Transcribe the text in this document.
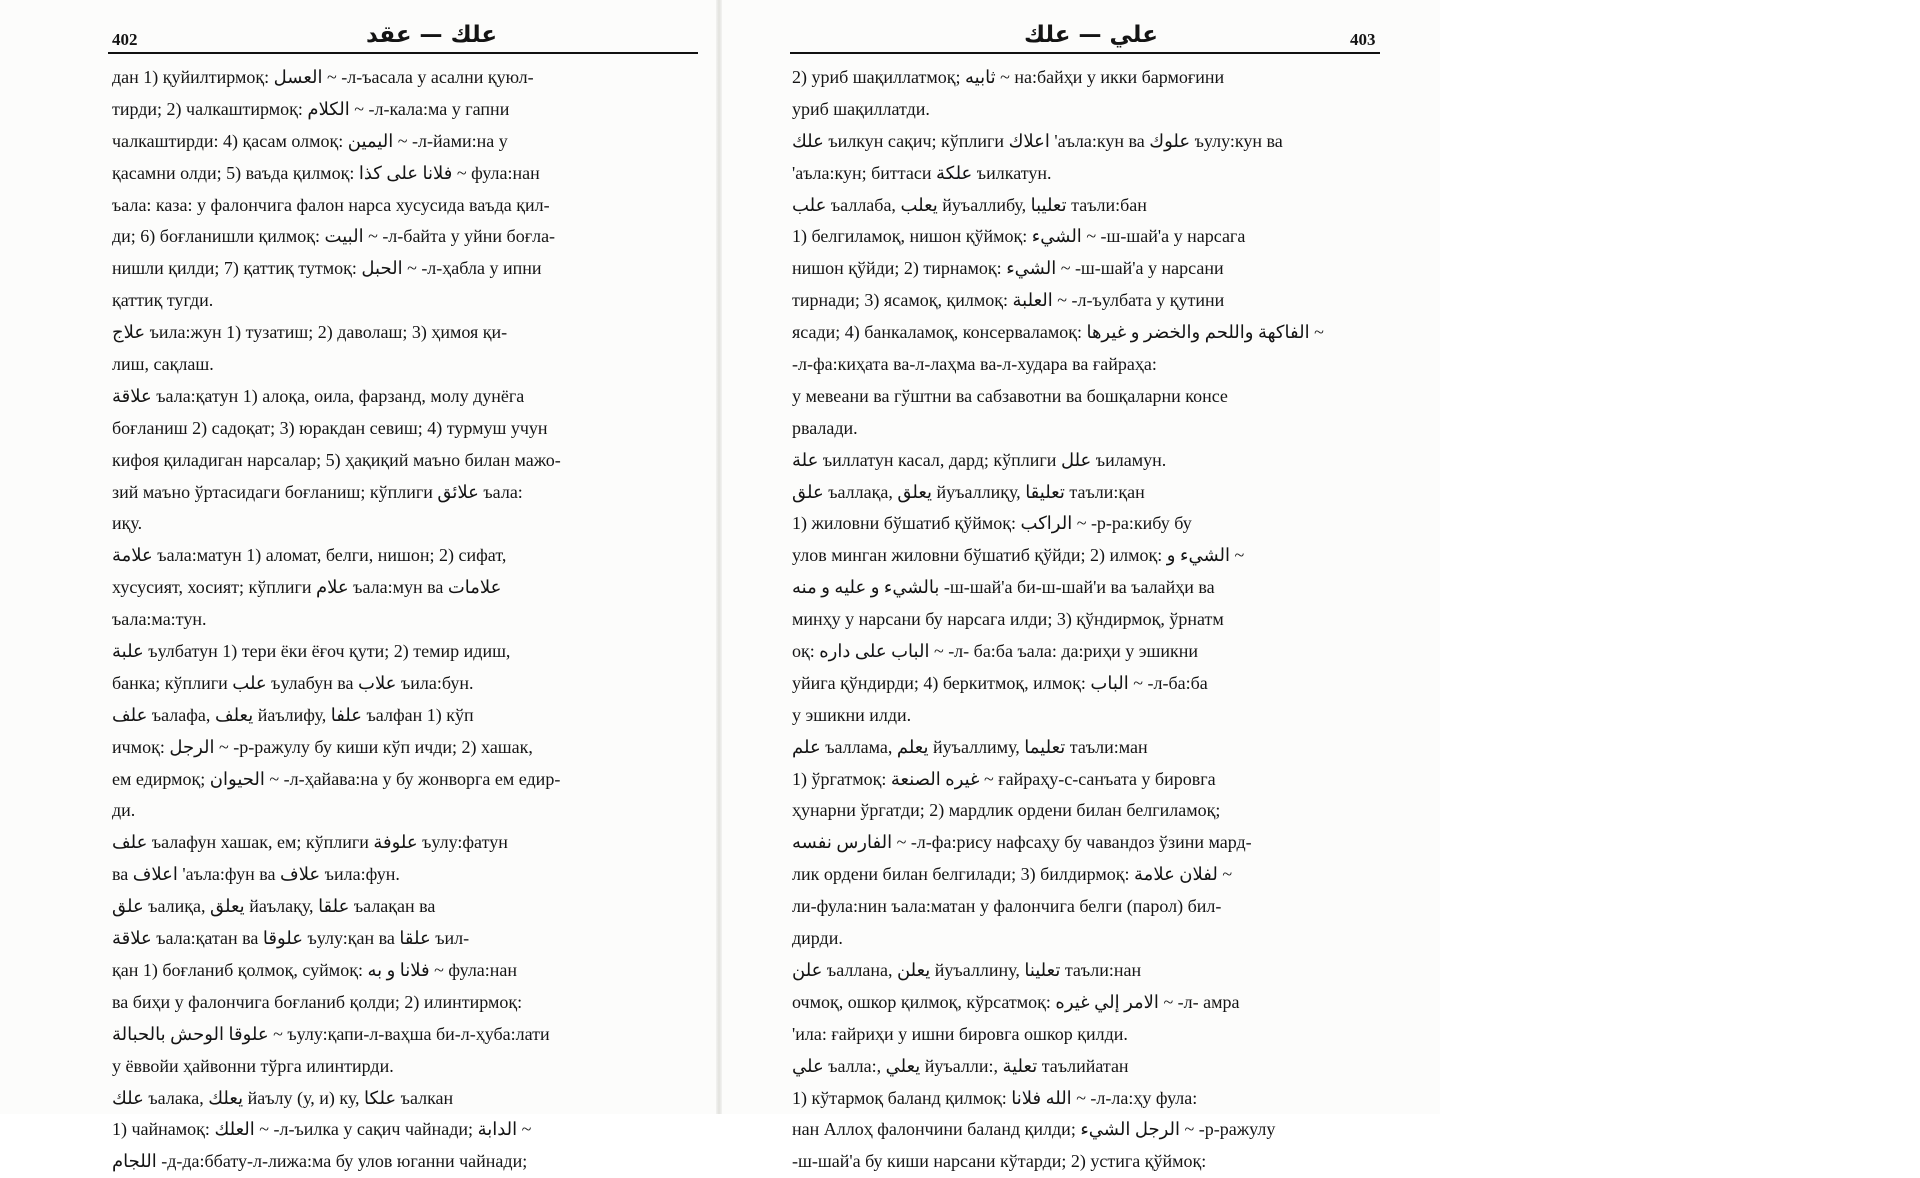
402	علك — عقد
дан 1) қуйилтирмоқ: العسل ~ -л-ъасала у асални қуюл-
тирди; 2) чалкаштирмоқ: الكلام ~ -л-кала:ма у гапни
чалкаштирди: 4) қасам олмоқ: اليمين ~ -л-йами:на у
қасамни олди; 5) ваъда қилмоқ: فلانا على كذا ~ фула:нан
ъала: каза: у фалончига фалон нарса хусусида ваъда қил-
ди; 6) боғланишли қилмоқ: البيت ~ -л-байта у уйни боғла-
нишли қилди; 7) қаттиқ тутмоқ: الحبل ~ -л-ҳабла у ипни
қаттиқ тугди.
علاج ъила:жун 1) тузатиш; 2) даволаш; 3) ҳимоя қи-
лиш, сақлаш.
علاقة ъала:қатун 1) алоқа, оила, фарзанд, молу дунёга
боғланиш 2) садоқат; 3) юракдан севиш; 4) турмуш учун
кифоя қиладиган нарсалар; 5) ҳақиқий маъно билан мажо-
зий маъно ўртасидаги боғланиш; кўплиги علائق ъала:
иқу.
علامة ъала:матун 1) аломат, белги, нишон; 2) сифат,
хусусият, хосият; кўплиги علام ъала:мун ва علامات
ъала:ма:тун.
علبة ъулбатун 1) тери ёки ёғоч қути; 2) темир идиш,
банка; кўплиги علب ъулабун ва علاب ъила:бун.
علف ъалафа, يعلف йаълифу, علفا ъалфан 1) кўп
ичмоқ: الرجل ~ -р-ражулу бу киши кўп ичди; 2) хашак,
ем едирмоқ; الحيوان ~ -л-ҳайава:на у бу жонворга ем едир-
ди.
علف ъалафун хашак, ем; кўплиги علوفة ъулу:фатун
ва اعلاف 'аъла:фун ва علاف ъила:фун.
علق ъалиқа, يعلق йаълақу, علقا ъалақан ва
علاقة ъала:қатан ва علوقا ъулу:қан ва علقا ъил-
қан 1) боғланиб қолмоқ, суймоқ: فلانا و به ~ фула:нан
ва биҳи у фалончига боғланиб қолди; 2) илинтирмоқ:
علوقا الوحش بالحبالة ~ ъулу:қапи-л-ваҳша би-л-ҳуба:лати
у ёввойи ҳайвонни тўрга илинтирди.
علك ъалака, يعلك йаълу (у, и) ку, علكا ъалкан
1) чайнамоқ: العلك ~ -л-ъилка у сақич чайнади; الدابة ~
اللجام -д-да:ббату-л-лижа:ма бу улов юганни чайнади;
403
علي — علك
2) уриб шақиллатмоқ; ثابيه ~ на:байҳи у икки бармоғини
уриб шақиллатди.
علك ъилкун сақич; кўплиги اعلاك 'аъла:кун ва علوك ъулу:кун ва
'аъла:кун; биттаси علكة ъилкатун.
علب ъаллаба, يعلب йуъаллибу, تعليبا таъли:бан
1) белгиламоқ, нишон қўймоқ: الشيء ~ -ш-шай'а у нарсага
нишон қўйди; 2) тирнамоқ: الشيء ~ -ш-шай'а у нарсани
тирнади; 3) ясамоқ, қилмоқ: العلبة ~ -л-ъулбата у қутини
ясади; 4) банкаламоқ, консерваламоқ: الفاكهة واللحم والخضر و غيرها ~
-л-фа:киҳата ва-л-лаҳма ва-л-худара ва ғайраҳа:
у мевеани ва гўштни ва сабзавотни ва бошқаларни консе
рвалади.
علة ъиллатун касал, дард; кўплиги علل ъиламун.
علق ъаллақа, يعلق йуъаллиқу, تعليقا таъли:қан
1) жиловни бўшатиб қўймоқ: الراكب ~ -р-ра:кибу бу
улов минган жиловни бўшатиб қўйди; 2) илмоқ: الشيء و ~
بالشيء و عليه و منه -ш-шай'а би-ш-шай'и ва ъалайҳи ва
минҳу у нарсани бу нарсага илди; 3) қўндирмоқ, ўрнатм
оқ: الباب على داره ~ -л- ба:ба ъала: да:риҳи у эшикни
уйига қўндирди; 4) беркитмоқ, илмоқ: الباب ~ -л-ба:ба
у эшикни илди.
علم ъаллама, يعلم йуъаллиму, تعليما таъли:ман
1) ўргатмоқ: غيره الصنعة ~ ғайраҳу-с-санъата у бировга
ҳунарни ўргатди; 2) мардлик ордени билан белгиламоқ;
الفارس نفسه ~ -л-фа:рису нафсаҳу бу чавандоз ўзини мард-
лик ордени билан белгилади; 3) билдирмоқ: لفلان علامة ~
ли-фула:нин ъала:матан у фалончига белги (парол) бил-
дирди.
علن ъаллана, يعلن йуъаллину, تعلينا таъли:нан
очмоқ, ошкор қилмоқ, кўрсатмоқ: الامر إلي غيره ~ -л- амра
'ила: ғайриҳи у ишни бировга ошкор қилди.
علي ъалла:, يعلي йуъалли:, تعلية таълийатан
1) кўтармоқ баланд қилмоқ: الله فلانا ~ -л-ла:ҳу фула:
нан Аллоҳ фалончини баланд қилди; الرجل الشيء ~ -р-ражулу
-ш-шай'а бу киши нарсани кўтарди; 2) устига қўймоқ:
